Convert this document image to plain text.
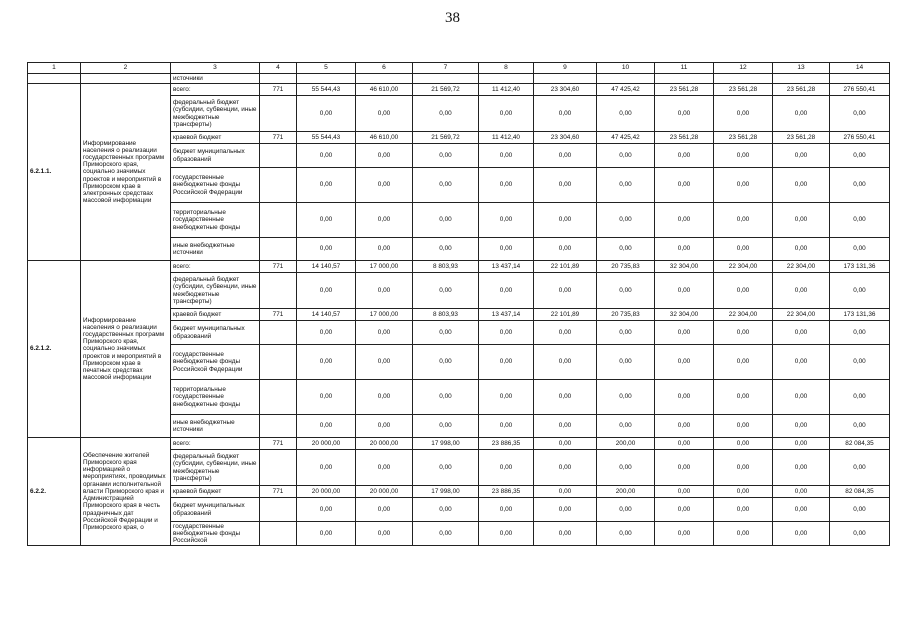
38
1	2	3	4	5	6	7	8	9	10	11	12	13	14
		источники											
6.2.1.1.	Информирование населения о реализации государственных программ Приморского края, социально значимых проектов и мероприятий в Приморском крае в электронных средствах массовой информации	всего:	771	55 544,43	46 610,00	21 569,72	11 412,40	23 304,60	47 425,42	23 561,28	23 561,28	23 561,28	276 550,41
		федеральный бюджет (субсидии, субвенции, иные межбюджетные трансферты)		0,00	0,00	0,00	0,00	0,00	0,00	0,00	0,00	0,00	0,00
		краевой бюджет	771	55 544,43	46 610,00	21 569,72	11 412,40	23 304,60	47 425,42	23 561,28	23 561,28	23 561,28	276 550,41
		бюджет муниципальных образований		0,00	0,00	0,00	0,00	0,00	0,00	0,00	0,00	0,00	0,00
		государственные внебюджетные фонды Российской Федерации		0,00	0,00	0,00	0,00	0,00	0,00	0,00	0,00	0,00	0,00
		территориальные государственные внебюджетные фонды		0,00	0,00	0,00	0,00	0,00	0,00	0,00	0,00	0,00	0,00
		иные внебюджетные источники		0,00	0,00	0,00	0,00	0,00	0,00	0,00	0,00	0,00	0,00
6.2.1.2.	Информирование населения о реализации государственных программ Приморского края, социально значимых проектов и мероприятий в Приморском крае в печатных средствах массовой информации	всего:	771	14 140,57	17 000,00	8 803,93	13 437,14	22 101,89	20 735,83	32 304,00	22 304,00	22 304,00	173 131,36
		федеральный бюджет (субсидии, субвенции, иные межбюджетные трансферты)		0,00	0,00	0,00	0,00	0,00	0,00	0,00	0,00	0,00	0,00
		краевой бюджет	771	14 140,57	17 000,00	8 803,93	13 437,14	22 101,89	20 735,83	32 304,00	22 304,00	22 304,00	173 131,36
		бюджет муниципальных образований		0,00	0,00	0,00	0,00	0,00	0,00	0,00	0,00	0,00	0,00
		государственные внебюджетные фонды Российской Федерации		0,00	0,00	0,00	0,00	0,00	0,00	0,00	0,00	0,00	0,00
		территориальные государственные внебюджетные фонды		0,00	0,00	0,00	0,00	0,00	0,00	0,00	0,00	0,00	0,00
		иные внебюджетные источники		0,00	0,00	0,00	0,00	0,00	0,00	0,00	0,00	0,00	0,00
6.2.2.	Обеспечение жителей Приморского края информацией о мероприятиях, проводимых органами исполнительной власти Приморского края и Администрацией Приморского края в честь праздничных дат Российской Федерации и Приморского края, о	всего:	771	20 000,00	20 000,00	17 998,00	23 886,35	0,00	200,00	0,00	0,00	0,00	82 084,35
		федеральный бюджет (субсидии, субвенции, иные межбюджетные трансферты)		0,00	0,00	0,00	0,00	0,00	0,00	0,00	0,00	0,00	0,00
		краевой бюджет	771	20 000,00	20 000,00	17 998,00	23 886,35	0,00	200,00	0,00	0,00	0,00	82 084,35
		бюджет муниципальных образований		0,00	0,00	0,00	0,00	0,00	0,00	0,00	0,00	0,00	0,00
		государственные внебюджетные фонды Российской		0,00	0,00	0,00	0,00	0,00	0,00	0,00	0,00	0,00	0,00
